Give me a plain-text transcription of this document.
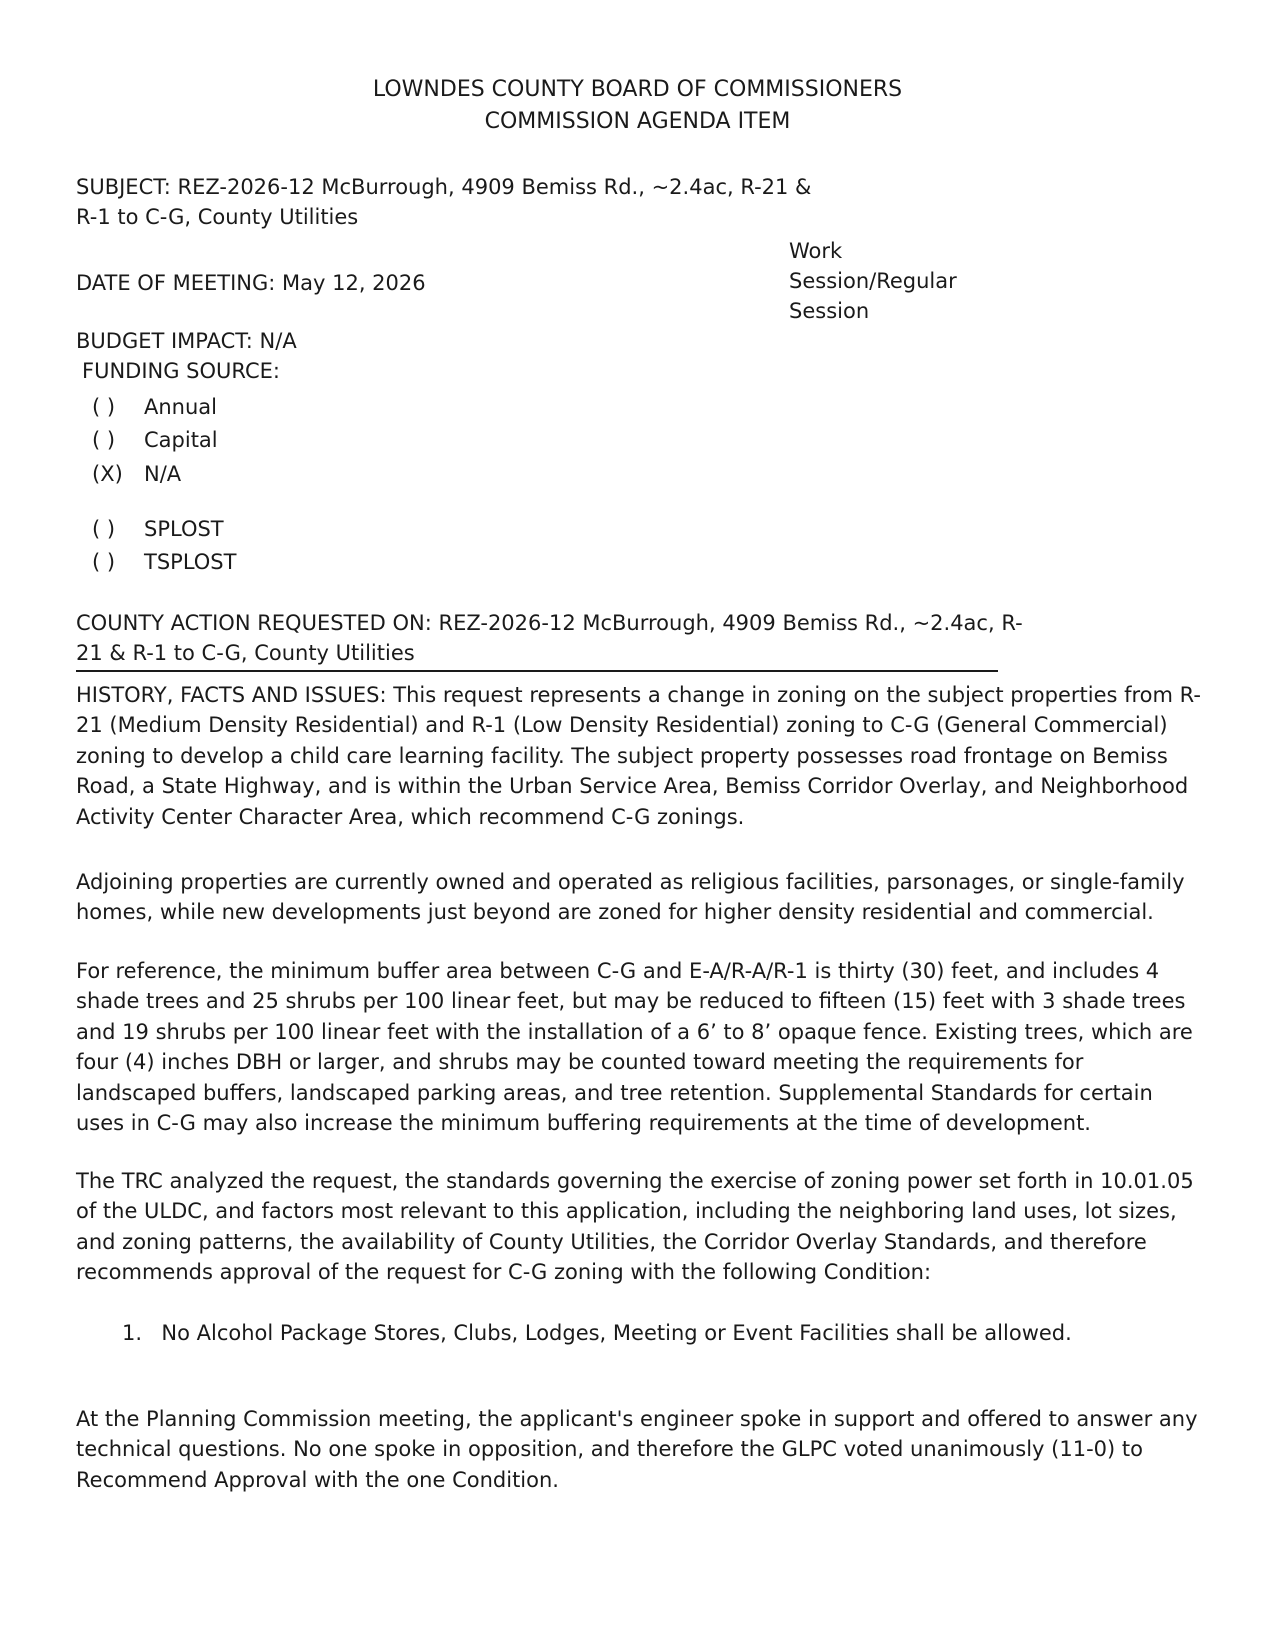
LOWNDES COUNTY BOARD OF COMMISSIONERS
COMMISSION AGENDA ITEM
SUBJECT: REZ-2026-12 McBurrough, 4909 Bemiss Rd., ~2.4ac, R-21 &
R-1 to C-G, County Utilities
Work
Session/Regular
Session
DATE OF MEETING: May 12, 2026
BUDGET IMPACT: N/A
FUNDING SOURCE:
( ) Annual
( ) Capital
(X) N/A
( ) SPLOST
( ) TSPLOST
COUNTY ACTION REQUESTED ON: REZ-2026-12 McBurrough, 4909 Bemiss Rd., ~2.4ac, R-
21 & R-1 to C-G, County Utilities

HISTORY, FACTS AND ISSUES: This request represents a change in zoning on the subject properties from R-21 (Medium Density Residential) and R-1 (Low Density Residential) zoning to C-G (General Commercial) zoning to develop a child care learning facility. The subject property possesses road frontage on Bemiss Road, a State Highway, and is within the Urban Service Area, Bemiss Corridor Overlay, and Neighborhood Activity Center Character Area, which recommend C-G zonings.

Adjoining properties are currently owned and operated as religious facilities, parsonages, or single-family homes, while new developments just beyond are zoned for higher density residential and commercial.

For reference, the minimum buffer area between C-G and E-A/R-A/R-1 is thirty (30) feet, and includes 4 shade trees and 25 shrubs per 100 linear feet, but may be reduced to fifteen (15) feet with 3 shade trees and 19 shrubs per 100 linear feet with the installation of a 6’ to 8’ opaque fence. Existing trees, which are four (4) inches DBH or larger, and shrubs may be counted toward meeting the requirements for landscaped buffers, landscaped parking areas, and tree retention. Supplemental Standards for certain uses in C-G may also increase the minimum buffering requirements at the time of development.

The TRC analyzed the request, the standards governing the exercise of zoning power set forth in 10.01.05 of the ULDC, and factors most relevant to this application, including the neighboring land uses, lot sizes, and zoning patterns, the availability of County Utilities, the Corridor Overlay Standards, and therefore recommends approval of the request for C-G zoning with the following Condition:

1. No Alcohol Package Stores, Clubs, Lodges, Meeting or Event Facilities shall be allowed.

At the Planning Commission meeting, the applicant's engineer spoke in support and offered to answer any technical questions. No one spoke in opposition, and therefore the GLPC voted unanimously (11-0) to Recommend Approval with the one Condition.
